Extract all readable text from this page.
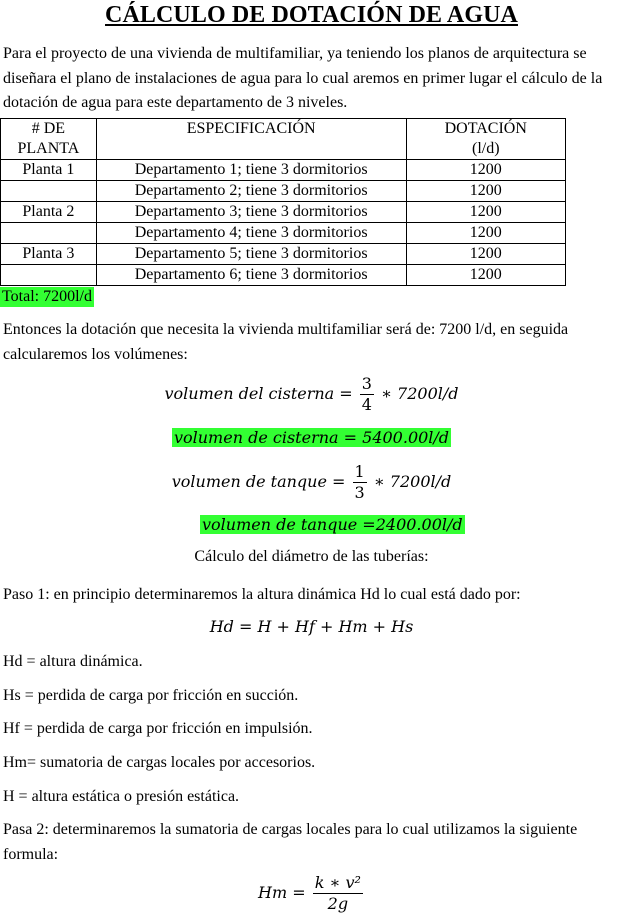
CÁLCULO DE DOTACIÓN DE AGUA
Para el proyecto de una vivienda de multifamiliar, ya teniendo los planos de arquitectura se diseñara el plano de instalaciones de agua para lo cual aremos en primer lugar el cálculo de la dotación de agua para este departamento de 3 niveles.
# DE
PLANTA	ESPECIFICACIÓN	DOTACIÓN
(l/d)
Planta 1	Departamento 1; tiene 3 dormitorios	1200
	Departamento 2; tiene 3 dormitorios	1200
Planta 2	Departamento 3; tiene 3 dormitorios	1200
	Departamento 4; tiene 3 dormitorios	1200
Planta 3	Departamento 5; tiene 3 dormitorios	1200
	Departamento 6; tiene 3 dormitorios	1200
Total: 7200l/d
Entonces la dotación que necesita la vivienda multifamiliar será de: 7200 l/d, en seguida calcularemos los volúmenes:
volumen del cisterna = $\frac{3}{4}$ ∗ 7200l/d
volumen de cisterna = 5400.00l/d
volumen de tanque = $\frac{1}{3}$ ∗ 7200l/d
volumen de tanque =2400.00l/d
Cálculo del diámetro de las tuberías:
Paso 1: en principio determinaremos la altura dinámica Hd lo cual está dado por:
Hd = H + Hf + Hm + Hs
Hd = altura dinámica.
Hs = perdida de carga por fricción en succión.
Hf = perdida de carga por fricción en impulsión.
Hm= sumatoria de cargas locales por accesorios.
H = altura estática o presión estática.
Pasa 2: determinaremos la sumatoria de cargas locales para lo cual utilizamos la siguiente formula:
$Hm = \frac{\text{k ∗ v²}}{2g}$
